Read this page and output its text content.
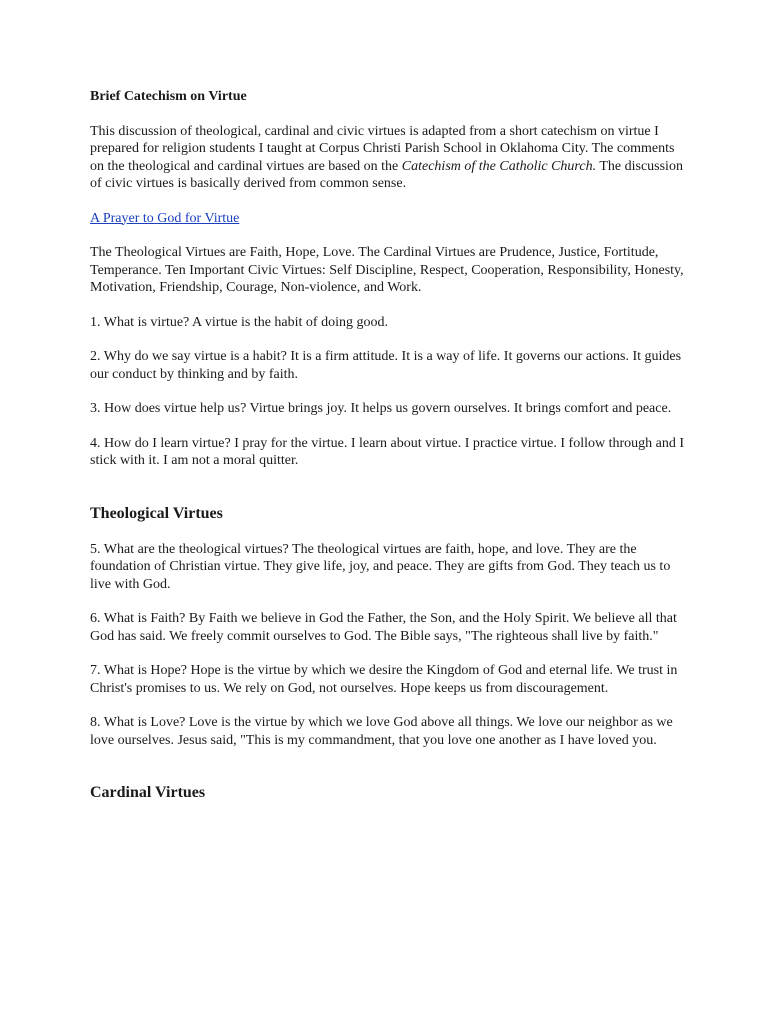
Brief Catechism on Virtue

This discussion of theological, cardinal and civic virtues is adapted from a short catechism on virtue I prepared for religion students I taught at Corpus Christi Parish School in Oklahoma City. The comments on the theological and cardinal virtues are based on the Catechism of the Catholic Church. The discussion of civic virtues is basically derived from common sense.

A Prayer to God for Virtue

The Theological Virtues are Faith, Hope, Love. The Cardinal Virtues are Prudence, Justice, Fortitude, Temperance. Ten Important Civic Virtues: Self Discipline, Respect, Cooperation, Responsibility, Honesty, Motivation, Friendship, Courage, Non-violence, and Work.

1. What is virtue? A virtue is the habit of doing good.

2. Why do we say virtue is a habit? It is a firm attitude. It is a way of life. It governs our actions. It guides our conduct by thinking and by faith.

3. How does virtue help us? Virtue brings joy. It helps us govern ourselves. It brings comfort and peace.

4. How do I learn virtue? I pray for the virtue. I learn about virtue. I practice virtue. I follow through and I stick with it. I am not a moral quitter.

Theological Virtues

5. What are the theological virtues? The theological virtues are faith, hope, and love. They are the foundation of Christian virtue. They give life, joy, and peace. They are gifts from God. They teach us to live with God.

6. What is Faith? By Faith we believe in God the Father, the Son, and the Holy Spirit. We believe all that God has said. We freely commit ourselves to God. The Bible says, "The righteous shall live by faith."

7. What is Hope? Hope is the virtue by which we desire the Kingdom of God and eternal life. We trust in Christ's promises to us. We rely on God, not ourselves. Hope keeps us from discouragement.

8. What is Love? Love is the virtue by which we love God above all things. We love our neighbor as we love ourselves. Jesus said, "This is my commandment, that you love one another as I have loved you.

Cardinal Virtues
